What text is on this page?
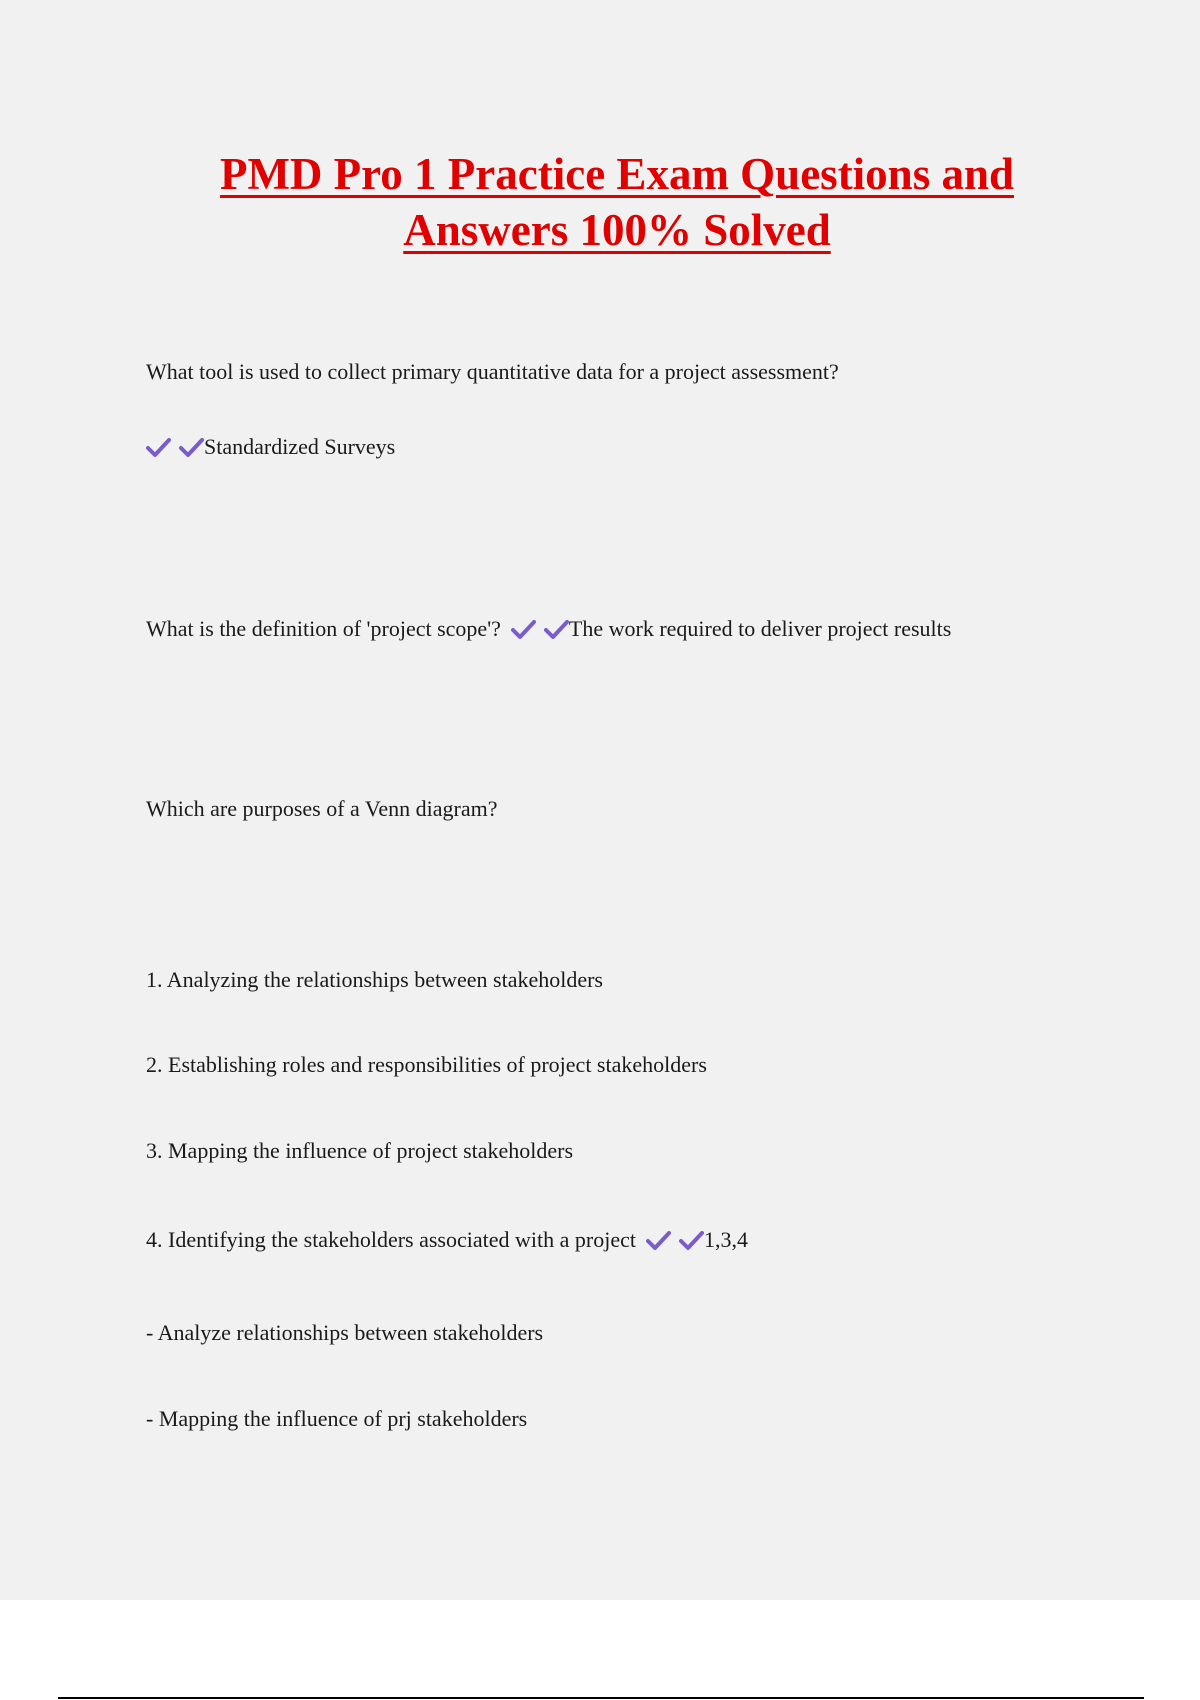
PMD Pro 1 Practice Exam Questions and
Answers 100% Solved
What tool is used to collect primary quantitative data for a project assessment?
Standardized Surveys
What is the definition of 'project scope'?	The work required to deliver project results
Which are purposes of a Venn diagram?
1. Analyzing the relationships between stakeholders
2. Establishing roles and responsibilities of project stakeholders
3. Mapping the influence of project stakeholders
4. Identifying the stakeholders associated with a project	1,3,4
- Analyze relationships between stakeholders
- Mapping the influence of prj stakeholders
